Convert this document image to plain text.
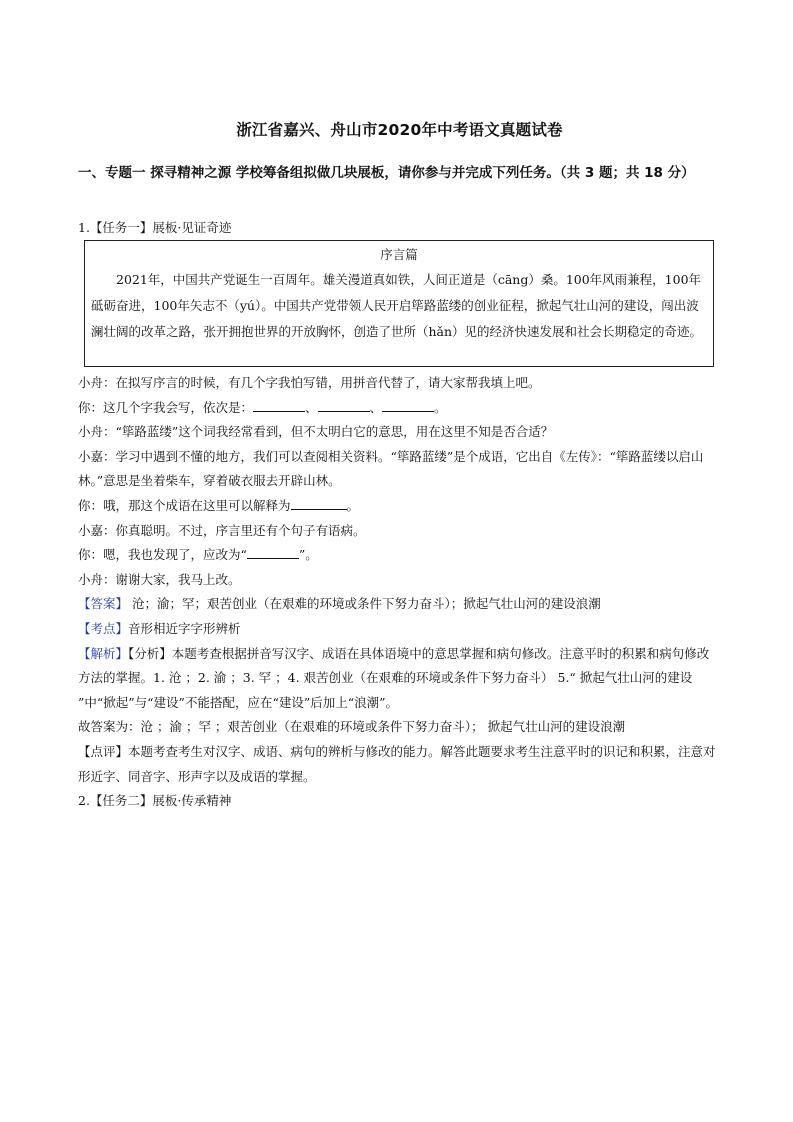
浙江省嘉兴、舟山市2020年中考语文真题试卷
一、专题一 探寻精神之源 学校筹备组拟做几块展板，请你参与并完成下列任务。（共 3 题；共 18 分）
1.【任务一】展板·见证奇迹
序言篇
2021年，中国共产党诞生一百周年。雄关漫道真如铁，人间正道是（cāng）桑。100年风雨兼程，100年砥砺奋进，100年矢志不（yú）。中国共产党带领人民开启筚路蓝缕的创业征程，掀起气壮山河的建设，闯出波澜壮阔的改革之路，张开拥抱世界的开放胸怀，创造了世所（hǎn）见的经济快速发展和社会长期稳定的奇迹。
小舟：在拟写序言的时候，有几个字我怕写错，用拼音代替了，请大家帮我填上吧。
你：这几个字我会写，依次是：	、	、	。
小舟：“筚路蓝缕”这个词我经常看到，但不太明白它的意思，用在这里不知是否合适？
小嘉：学习中遇到不懂的地方，我们可以查阅相关资料。“筚路蓝缕”是个成语，它出自《左传》：“筚路蓝缕以启山林。”意思是坐着柴车，穿着破衣服去开辟山林。
你：哦，那这个成语在这里可以解释为	。
小嘉：你真聪明。不过，序言里还有个句子有语病。
你：嗯，我也发现了，应改为“	”。
小舟：谢谢大家，我马上改。
【答案】 沧；渝；罕；艰苦创业（在艰难的环境或条件下努力奋斗）；掀起气壮山河的建设浪潮
【考点】音形相近字字形辨析
【解析】【分析】本题考查根据拼音写汉字、成语在具体语境中的意思掌握和病句修改。注意平时的积累和病句修改方法的掌握。1. 沧 ；2. 渝 ；3. 罕 ；4. 艰苦创业（在艰难的环境或条件下努力奋斗） 5.“ 掀起气壮山河的建设 ”中“掀起”与“建设”不能搭配，应在“建设”后加上“浪潮”。
故答案为：沧 ；渝 ；罕 ；艰苦创业（在艰难的环境或条件下努力奋斗）； 掀起气壮山河的建设浪潮
【点评】本题考查考生对汉字、成语、病句的辨析与修改的能力。解答此题要求考生注意平时的识记和积累，注意对形近字、同音字、形声字以及成语的掌握。
2.【任务二】展板·传承精神
